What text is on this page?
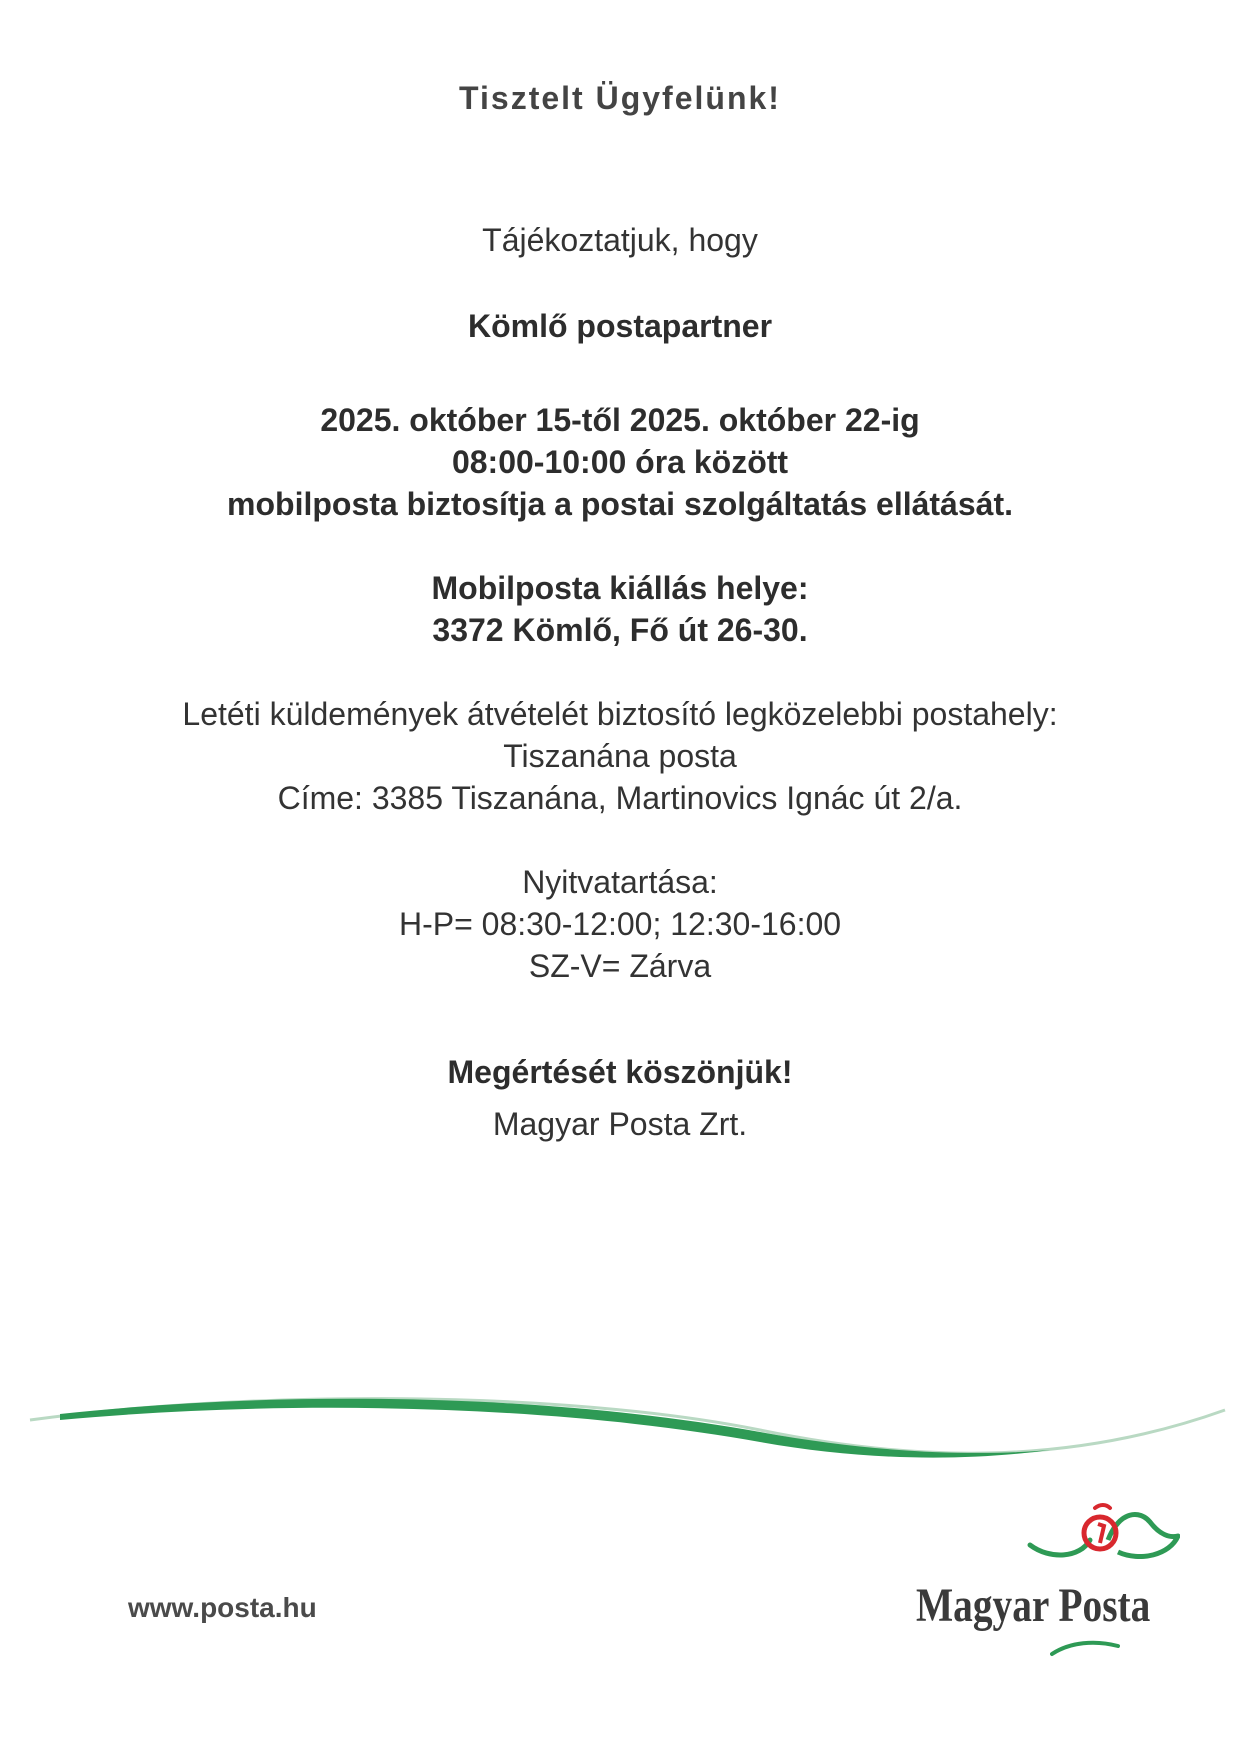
Tisztelt Ügyfelünk!
Tájékoztatjuk, hogy
Kömlő postapartner
2025. október 15-től 2025. október 22-ig
08:00-10:00 óra között
mobilposta biztosítja a postai szolgáltatás ellátását.
Mobilposta kiállás helye:
3372 Kömlő, Fő út 26-30.
Letéti küldemények átvételét biztosító legközelebbi postahely:
Tiszanána posta
Címe: 3385 Tiszanána, Martinovics Ignác út 2/a.
Nyitvatartása:
H-P= 08:30-12:00; 12:30-16:00
SZ-V= Zárva
Megértését köszönjük!
Magyar Posta Zrt.
www.posta.hu	Magyar Posta
